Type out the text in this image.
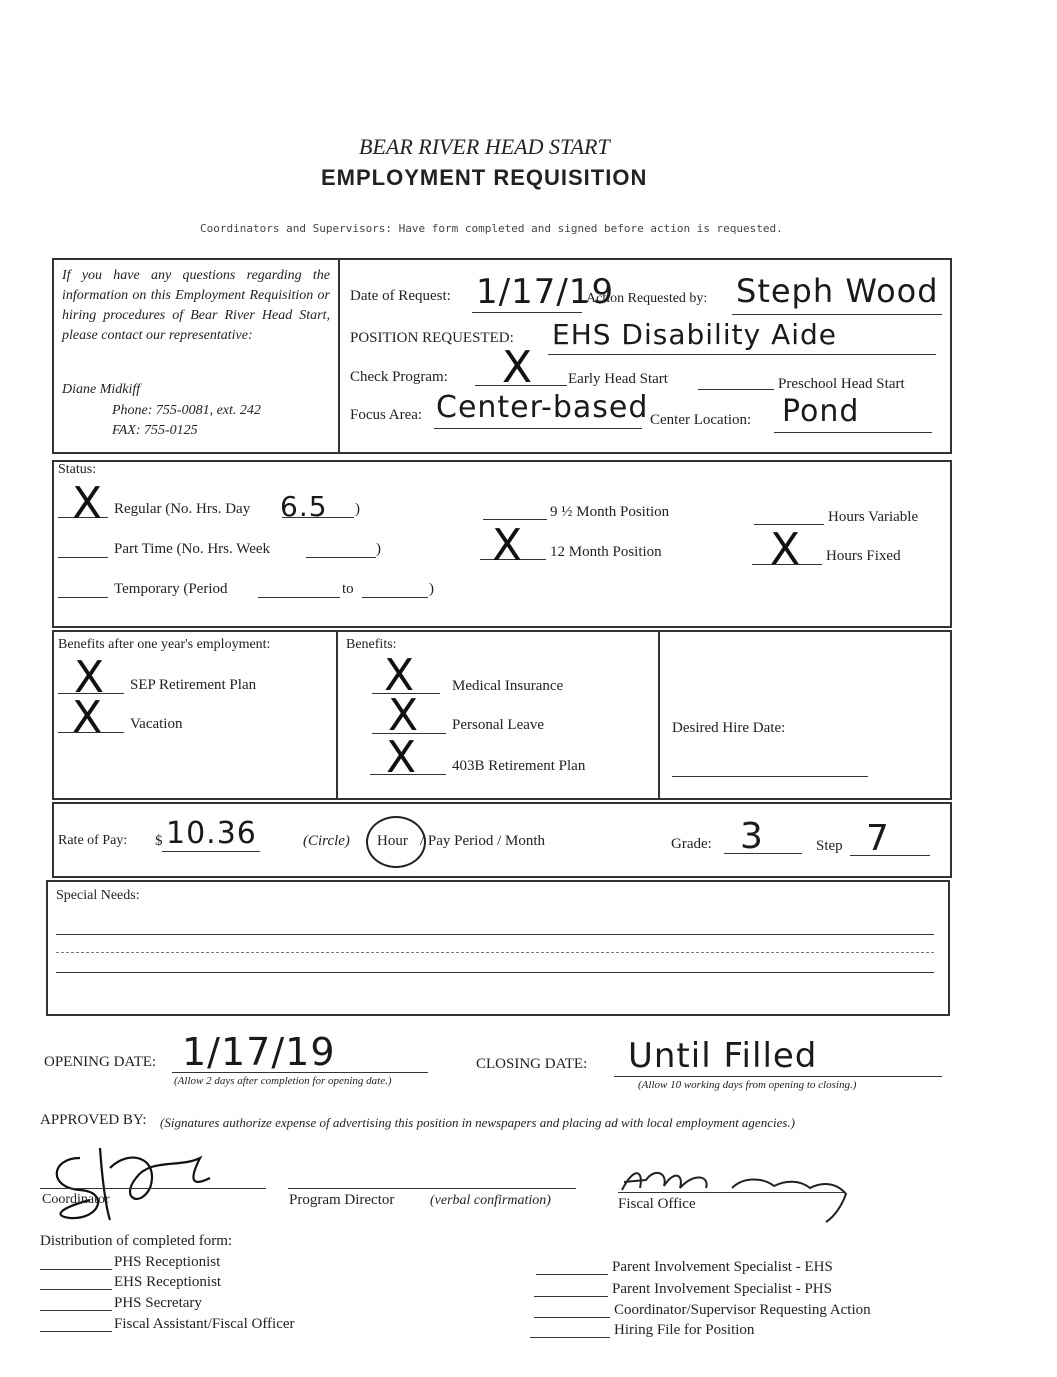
BEAR RIVER HEAD START
EMPLOYMENT REQUISITION
Coordinators and Supervisors: Have form completed and signed before action is requested.
If you have any questions regarding the information on this Employment Requisition or hiring procedures of Bear River Head Start, please contact our representative:
Diane Midkiff
Phone: 755-0081, ext. 242
FAX: 755-0125
Date of Request: 1/17/19
Action Requested by: Steph Wood
POSITION REQUESTED: EHS Disability Aide
Check Program: X Early Head Start	Preschool Head Start
Focus Area: Center-based Center Location: Pond
Status:
X Regular (No. Hrs. Day 6.5 )
Part Time (No. Hrs. Week	)
Temporary (Period	to	)
9 ½ Month Position
X 12 Month Position
Hours Variable
X Hours Fixed
Benefits after one year's employment:
X SEP Retirement Plan
X Vacation
Benefits:
X	Medical Insurance
X Personal Leave
X 403B Retirement Plan
Desired Hire Date:
Rate of Pay: $ 10.36	(Circle) Hour / Pay Period / Month	Grade: 3	Step 7
Special Needs:
OPENING DATE: 1/17/19
(Allow 2 days after completion for opening date.)
CLOSING DATE: Until Filled
(Allow 10 working days from opening to closing.)
APPROVED BY: (Signatures authorize expense of advertising this position in newspapers and placing ad with local employment agencies.)
Coordinator	Program Director	(verbal confirmation)	Fiscal Office
Distribution of completed form:
PHS Receptionist
EHS Receptionist
PHS Secretary
Fiscal Assistant/Fiscal Officer
Parent Involvement Specialist - EHS
Parent Involvement Specialist - PHS
Coordinator/Supervisor Requesting Action
Hiring File for Position
